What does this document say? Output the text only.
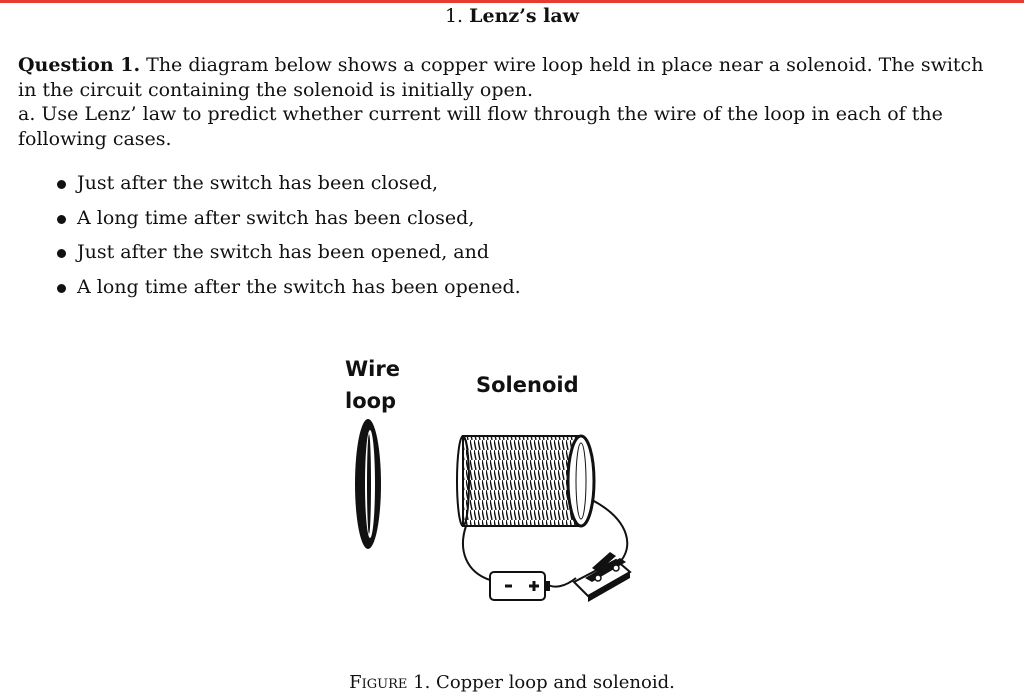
1. Lenz’s law
Question 1. The diagram below shows a copper wire loop held in place near a solenoid. The switch in the circuit containing the solenoid is initially open.
a. Use Lenz’ law to predict whether current will flow through the wire of the loop in each of the following cases.
Just after the switch has been closed,
A long time after switch has been closed,
Just after the switch has been opened, and
A long time after the switch has been opened.
Wire
loop
Solenoid
Figure 1. Copper loop and solenoid.
